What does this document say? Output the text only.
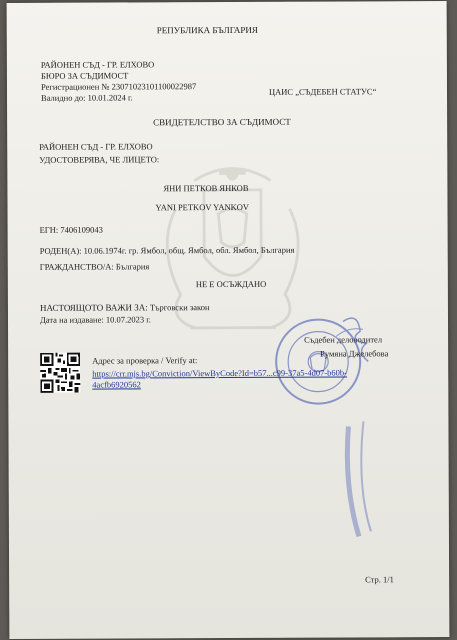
РЕПУБЛИКА БЪЛГАРИЯ
РАЙОНЕН СЪД - ГР. ЕЛХОВО
БЮРО ЗА СЪДИМОСТ
Регистрационен № 23071023101100022987
Валидно до: 10.01.2024 г.
ЦАИС „СЪДЕБЕН СТАТУС“
СВИДЕТЕЛСТВО ЗА СЪДИМОСТ
РАЙОНЕН СЪД - ГР. ЕЛХОВО
УДОСТОВЕРЯВА, ЧЕ ЛИЦЕТО:
ЯНИ ПЕТКОВ ЯНКОВ
YANI PETKOV YANKOV
ЕГН: 7406109043
РОДЕН(А): 10.06.1974г. гр. Ямбол, общ. Ямбол, обл. Ямбол, България
ГРАЖДАНСТВО/А: България
НЕ Е ОСЪЖДАНО
НАСТОЯЩОТО ВАЖИ ЗА: Търговски закон
Дата на издаване: 10.07.2023 г.
Съдебен деловодител
Румяна Джелебова
Адрес за проверка / Verify at:
https://crr.mjs.bg/Conviction/ViewByCode?Id=b57...c99-37a5-4d07-b60b-
4acfb6920562
Стр. 1/1
